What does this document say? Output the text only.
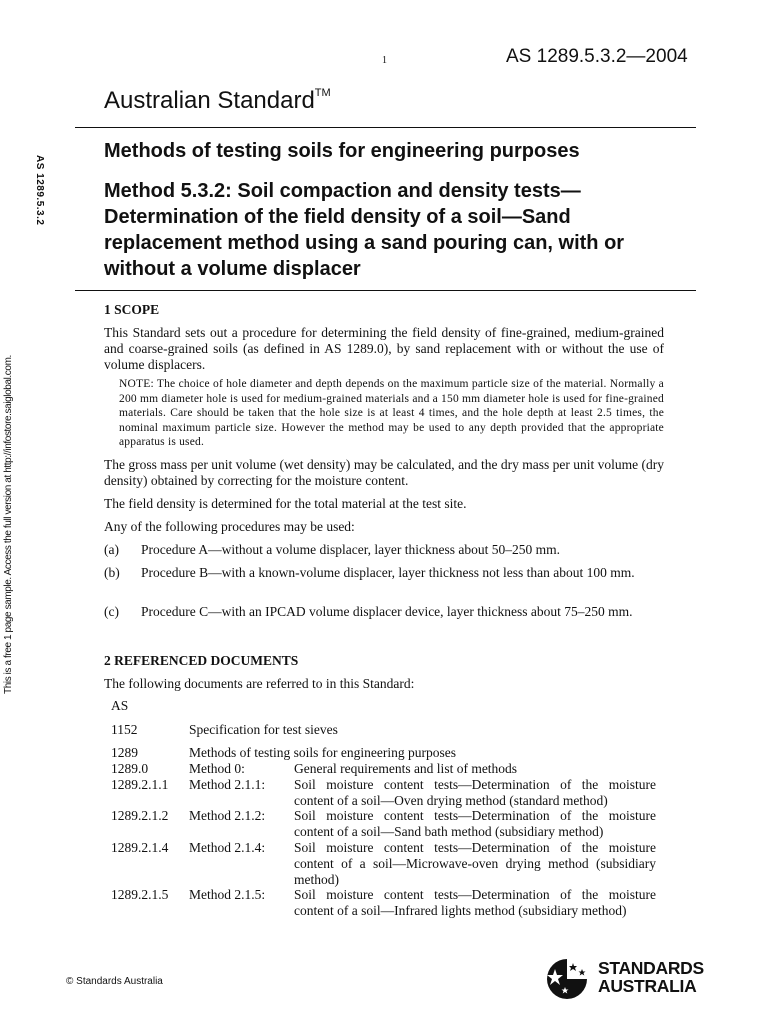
1	AS 1289.5.3.2—2004
Australian Standard™
AS 1289.5.3.2
This is a free 1 page sample. Access the full version at http://infostore.saiglobal.com.
Methods of testing soils for engineering purposes
Method 5.3.2: Soil compaction and density tests—Determination of the field density of a soil—Sand replacement method using a sand pouring can, with or without a volume displacer
1 SCOPE
This Standard sets out a procedure for determining the field density of fine-grained, medium-grained and coarse-grained soils (as defined in AS 1289.0), by sand replacement with or without the use of volume displacers.
NOTE: The choice of hole diameter and depth depends on the maximum particle size of the material. Normally a 200 mm diameter hole is used for medium-grained materials and a 150 mm diameter hole is used for fine-grained materials. Care should be taken that the hole size is at least 4 times, and the hole depth at least 2.5 times, the nominal maximum particle size. However the method may be used to any depth provided that the appropriate apparatus is used.
The gross mass per unit volume (wet density) may be calculated, and the dry mass per unit volume (dry density) obtained by correcting for the moisture content.
The field density is determined for the total material at the test site.
Any of the following procedures may be used:
(a) Procedure A—without a volume displacer, layer thickness about 50–250 mm.
(b) Procedure B—with a known-volume displacer, layer thickness not less than about 100 mm.
(c) Procedure C—with an IPCAD volume displacer device, layer thickness about 75–250 mm.
2 REFERENCED DOCUMENTS
The following documents are referred to in this Standard:
AS
1152	Specification for test sieves
1289	Methods of testing soils for engineering purposes
1289.0	Method 0:	General requirements and list of methods
1289.2.1.1 Method 2.1.1: Soil moisture content tests—Determination of the moisture content of a soil—Oven drying method (standard method)
1289.2.1.2 Method 2.1.2: Soil moisture content tests—Determination of the moisture content of a soil—Sand bath method (subsidiary method)
1289.2.1.4 Method 2.1.4: Soil moisture content tests—Determination of the moisture content of a soil—Microwave-oven drying method (subsidiary method)
1289.2.1.5 Method 2.1.5: Soil moisture content tests—Determination of the moisture content of a soil—Infrared lights method (subsidiary method)
© Standards Australia
STANDARDS
AUSTRALIA
